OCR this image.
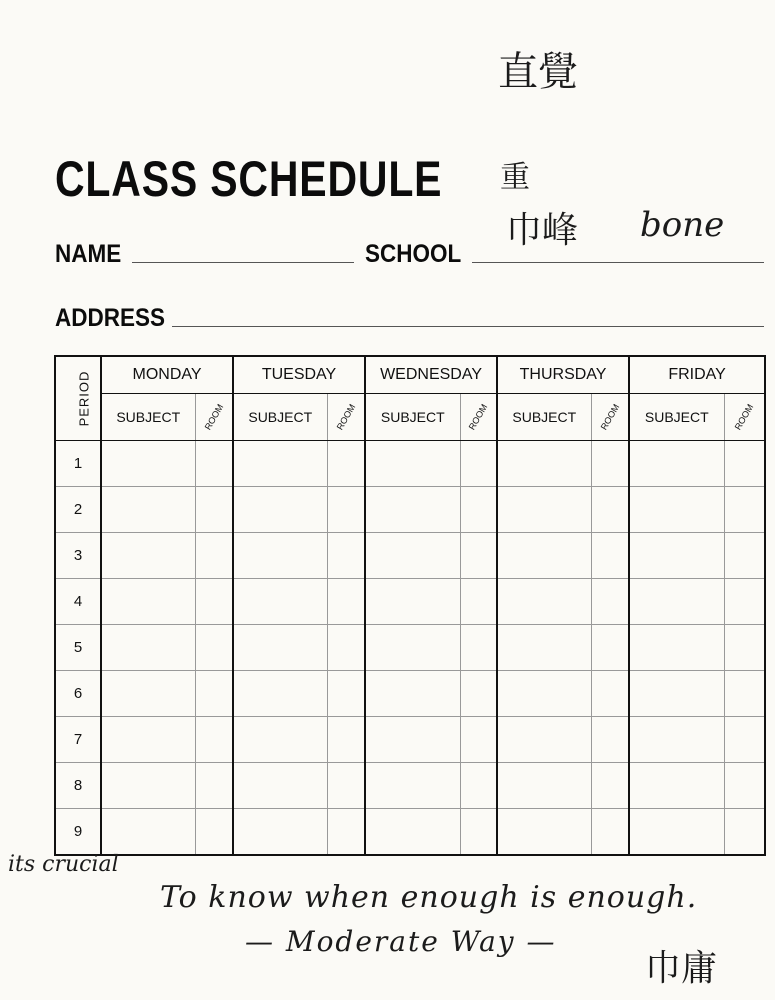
CLASS SCHEDULE
NAME	SCHOOL
ADDRESS
PERIOD	MONDAY		TUESDAY		WEDNESDAY		THURSDAY		FRIDAY	
	SUBJECT	ROOM	SUBJECT	ROOM	SUBJECT	ROOM	SUBJECT	ROOM	SUBJECT	ROOM
1										
2										
3										
4										
5										
6										
7										
8										
9										
直覺
重
巾峰 bone
its crucial
To know when enough is enough.
— Moderate Way —
巾庸
